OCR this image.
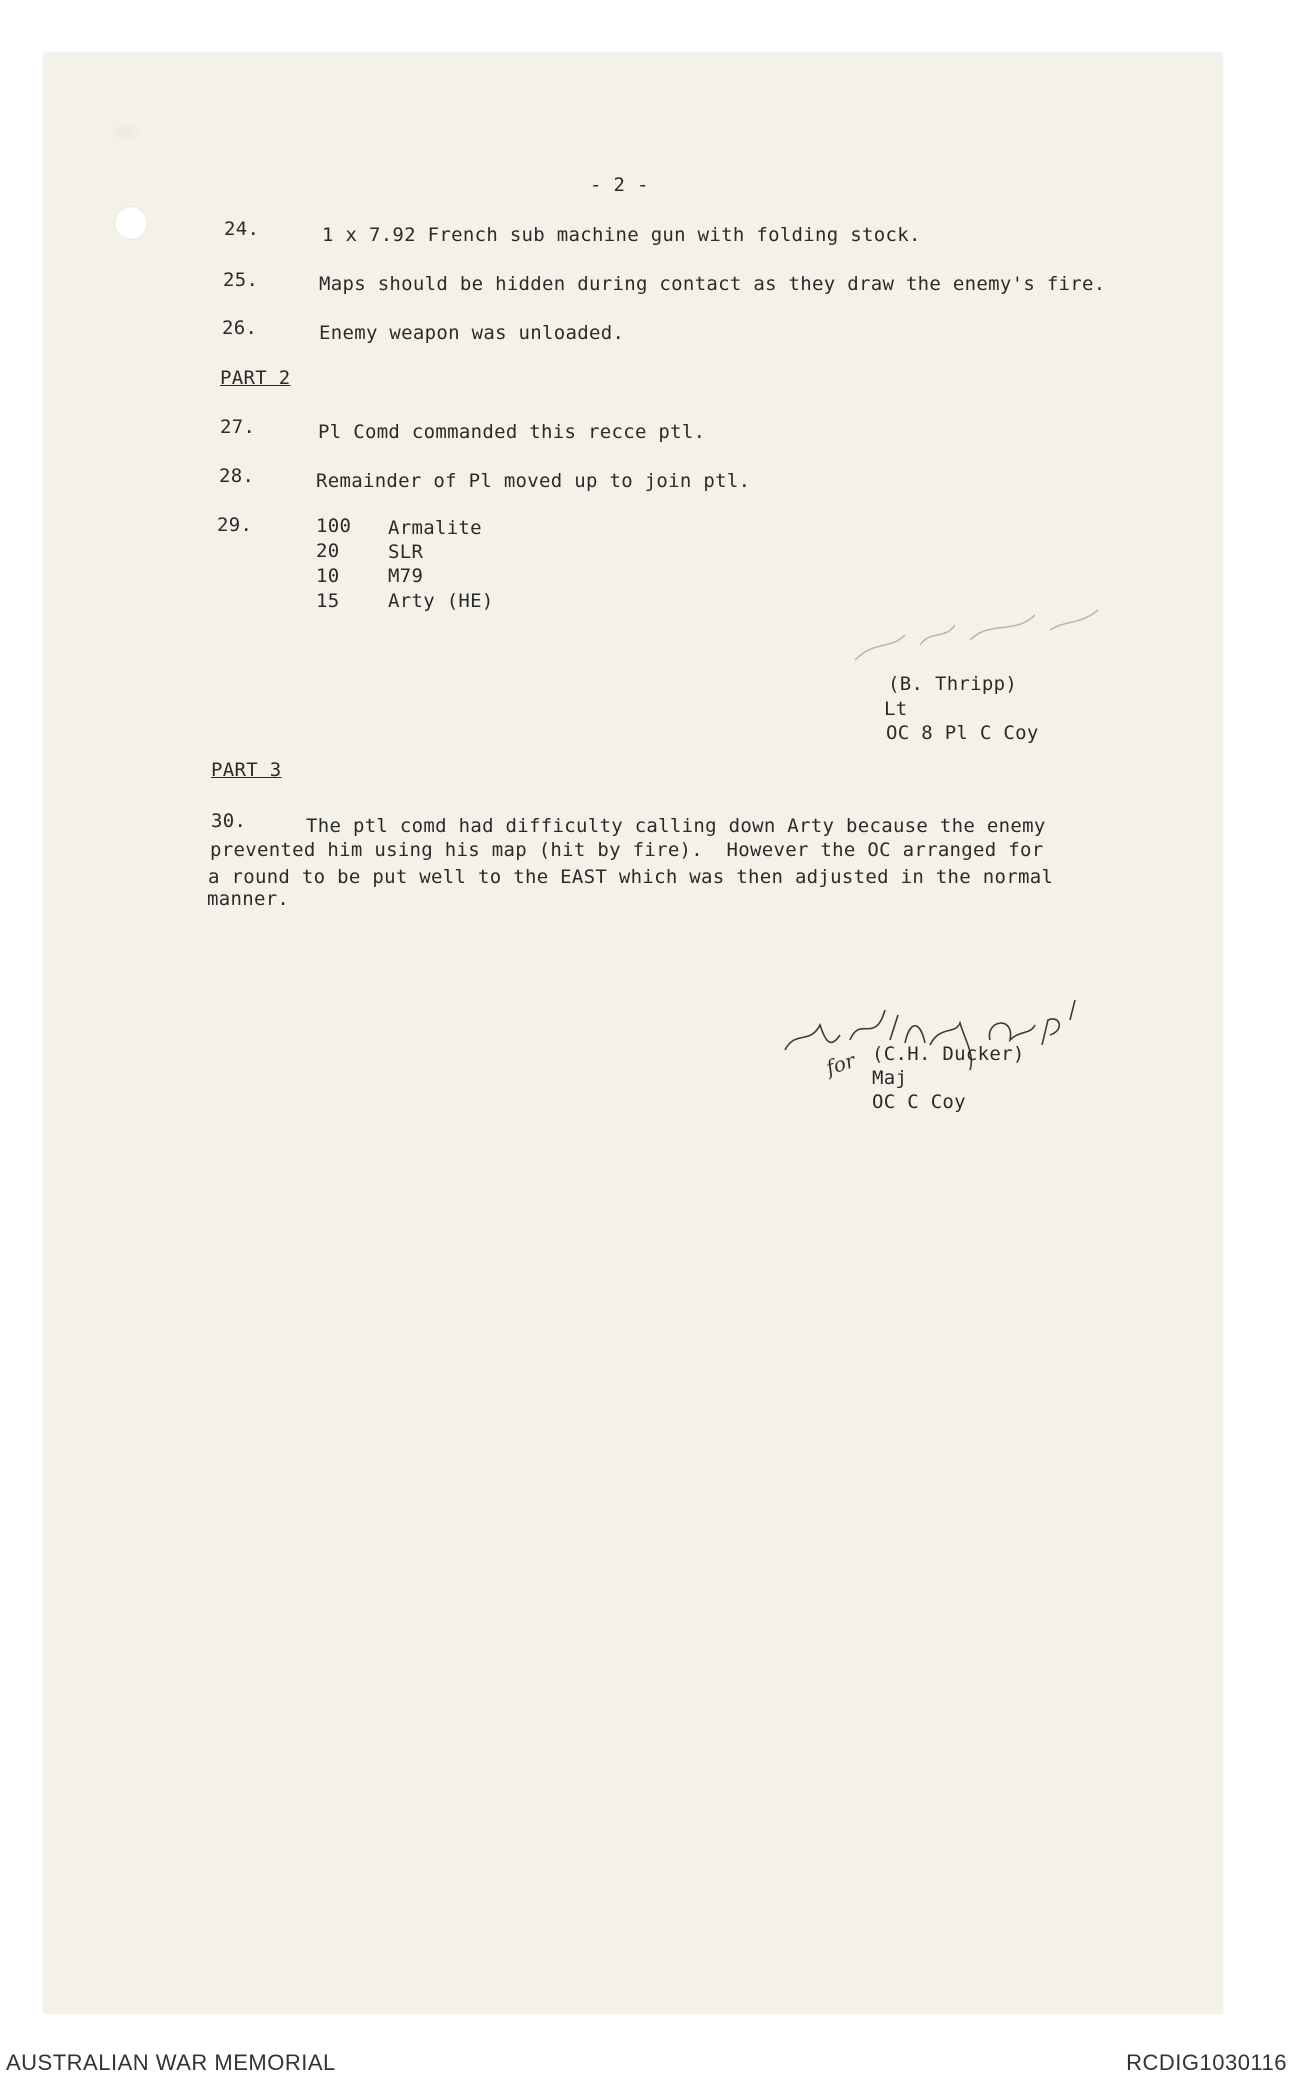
- 2 -
24.	1 x 7.92 French sub machine gun with folding stock.
25.	Maps should be hidden during contact as they draw the enemy's fire.
26.	Enemy weapon was unloaded.
PART 2
27.	Pl Comd commanded this recce ptl.
28.	Remainder of Pl moved up to join ptl.
29.	100 Armalite
20	SLR
10	M79
15	Arty (HE)
(B. Thripp)
Lt
OC 8 Pl C Coy
PART 3
30.	The ptl comd had difficulty calling down Arty because the enemy
prevented him using his map (hit by fire).  However the OC arranged for
a round to be put well to the EAST which was then adjusted in the normal
manner.
for (C.H. Ducker)
Maj
OC C Coy
AUSTRALIAN WAR MEMORIAL	RCDIG1030116
